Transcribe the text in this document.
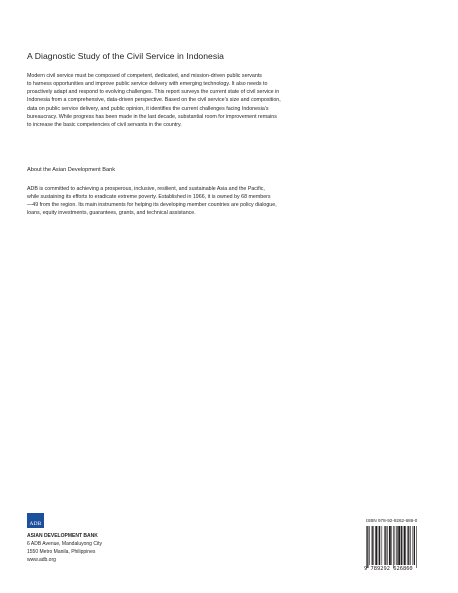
A Diagnostic Study of the Civil Service in Indonesia
Modern civil service must be composed of competent, dedicated, and mission-driven public servants
to harness opportunities and improve public service delivery with emerging technology. It also needs to
proactively adapt and respond to evolving challenges. This report surveys the current state of civil service in
Indonesia from a comprehensive, data-driven perspective. Based on the civil service’s size and composition,
data on public service delivery, and public opinion, it identifies the current challenges facing Indonesia’s
bureaucracy. While progress has been made in the last decade, substantial room for improvement remains
to increase the basic competencies of civil servants in the country.
About the Asian Development Bank
ADB is committed to achieving a prosperous, inclusive, resilient, and sustainable Asia and the Pacific,
while sustaining its efforts to eradicate extreme poverty. Established in 1966, it is owned by 68 members
—49 from the region. Its main instruments for helping its developing member countries are policy dialogue,
loans, equity investments, guarantees, grants, and technical assistance.
ADB
ASIAN DEVELOPMENT BANK
6 ADB Avenue, Mandaluyong City
1550 Metro Manila, Philippines
www.adb.org
ISBN 978-92-9262-686-0
9 789292 626860
